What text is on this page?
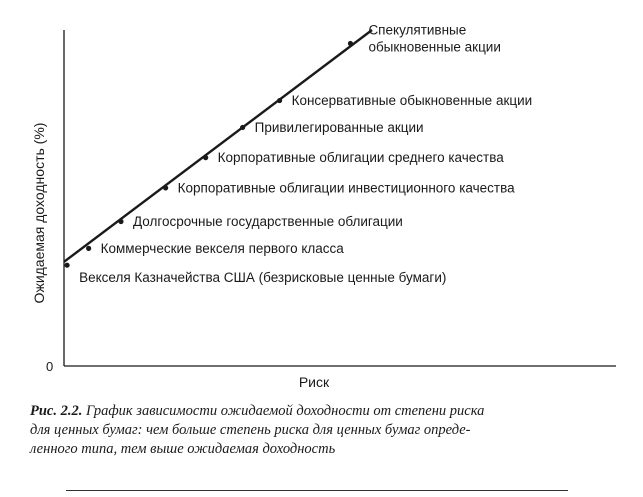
0
Ожидаемая доходность (%)
Риск
Векселя Казначейства США (безрисковые ценные бумаги)
Коммерческие векселя первого класса
Долгосрочные государственные облигации
Корпоративные облигации инвестиционного качества
Корпоративные облигации среднего качества
Привилегированные акции
Консервативные обыкновенные акции
Спекулятивные
обыкновенные акции
Рис. 2.2. График зависимости ожидаемой доходности от степени риска
для ценных бумаг: чем больше степень риска для ценных бумаг опреде-
ленного типа, тем выше ожидаемая доходность
